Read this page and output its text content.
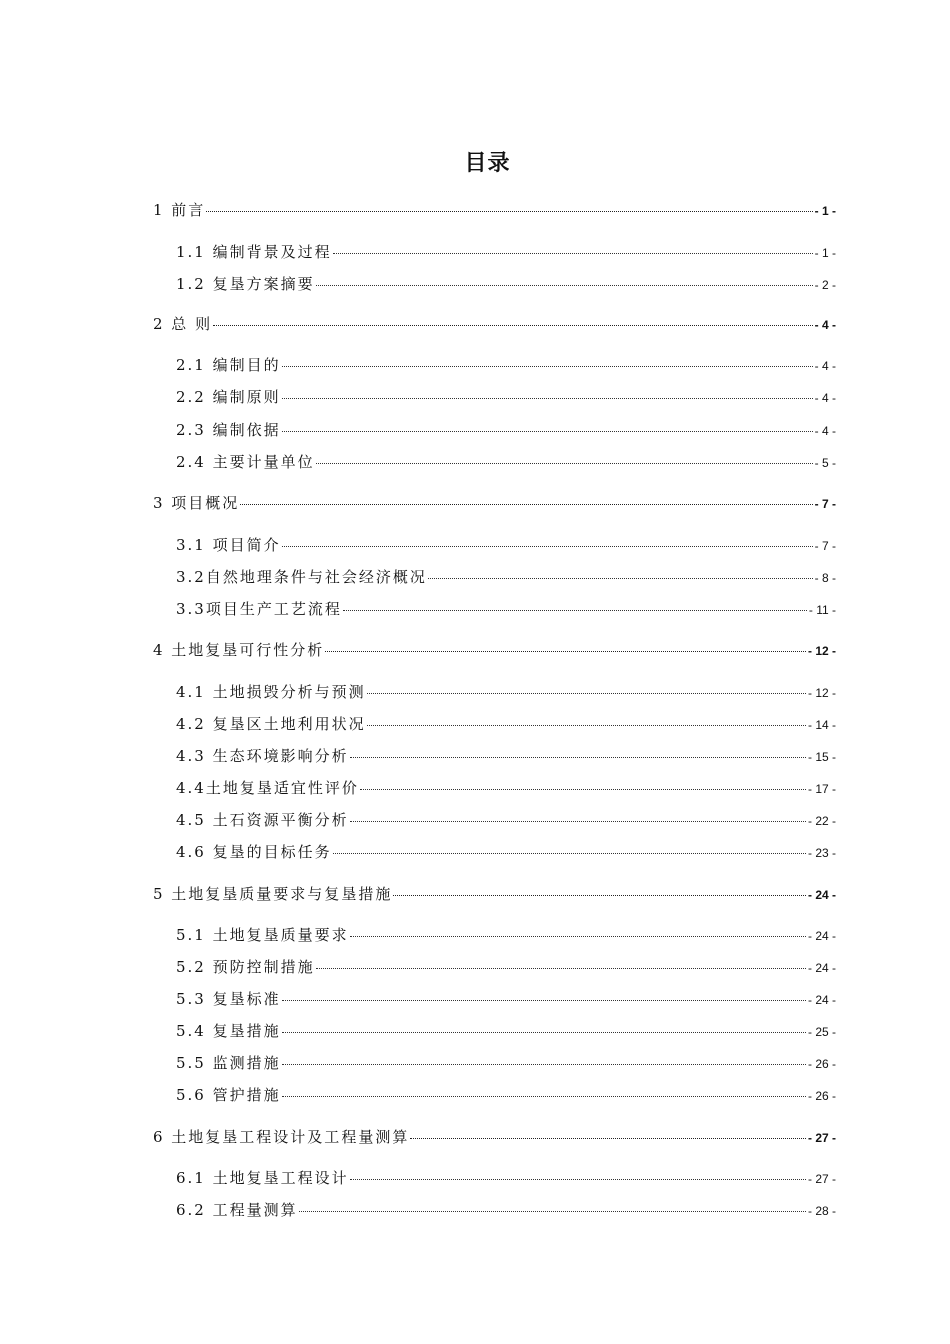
目录
1 前言	- 1 -
1.1 编制背景及过程	- 1 -
1.2 复垦方案摘要	- 2 -
2 总 则	- 4 -
2.1 编制目的	- 4 -
2.2 编制原则	- 4 -
2.3 编制依据	- 4 -
2.4 主要计量单位	- 5 -
3 项目概况	- 7 -
3.1 项目简介	- 7 -
3.2自然地理条件与社会经济概况	- 8 -
3.3项目生产工艺流程	- 11 -
4 土地复垦可行性分析	- 12 -
4.1 土地损毁分析与预测	- 12 -
4.2 复垦区土地利用状况	- 14 -
4.3 生态环境影响分析	- 15 -
4.4土地复垦适宜性评价	- 17 -
4.5 土石资源平衡分析	- 22 -
4.6 复垦的目标任务	- 23 -
5 土地复垦质量要求与复垦措施	- 24 -
5.1 土地复垦质量要求	- 24 -
5.2 预防控制措施	- 24 -
5.3 复垦标准	- 24 -
5.4 复垦措施	- 25 -
5.5 监测措施	- 26 -
5.6 管护措施	- 26 -
6 土地复垦工程设计及工程量测算	- 27 -
6.1 土地复垦工程设计	- 27 -
6.2 工程量测算	- 28 -
